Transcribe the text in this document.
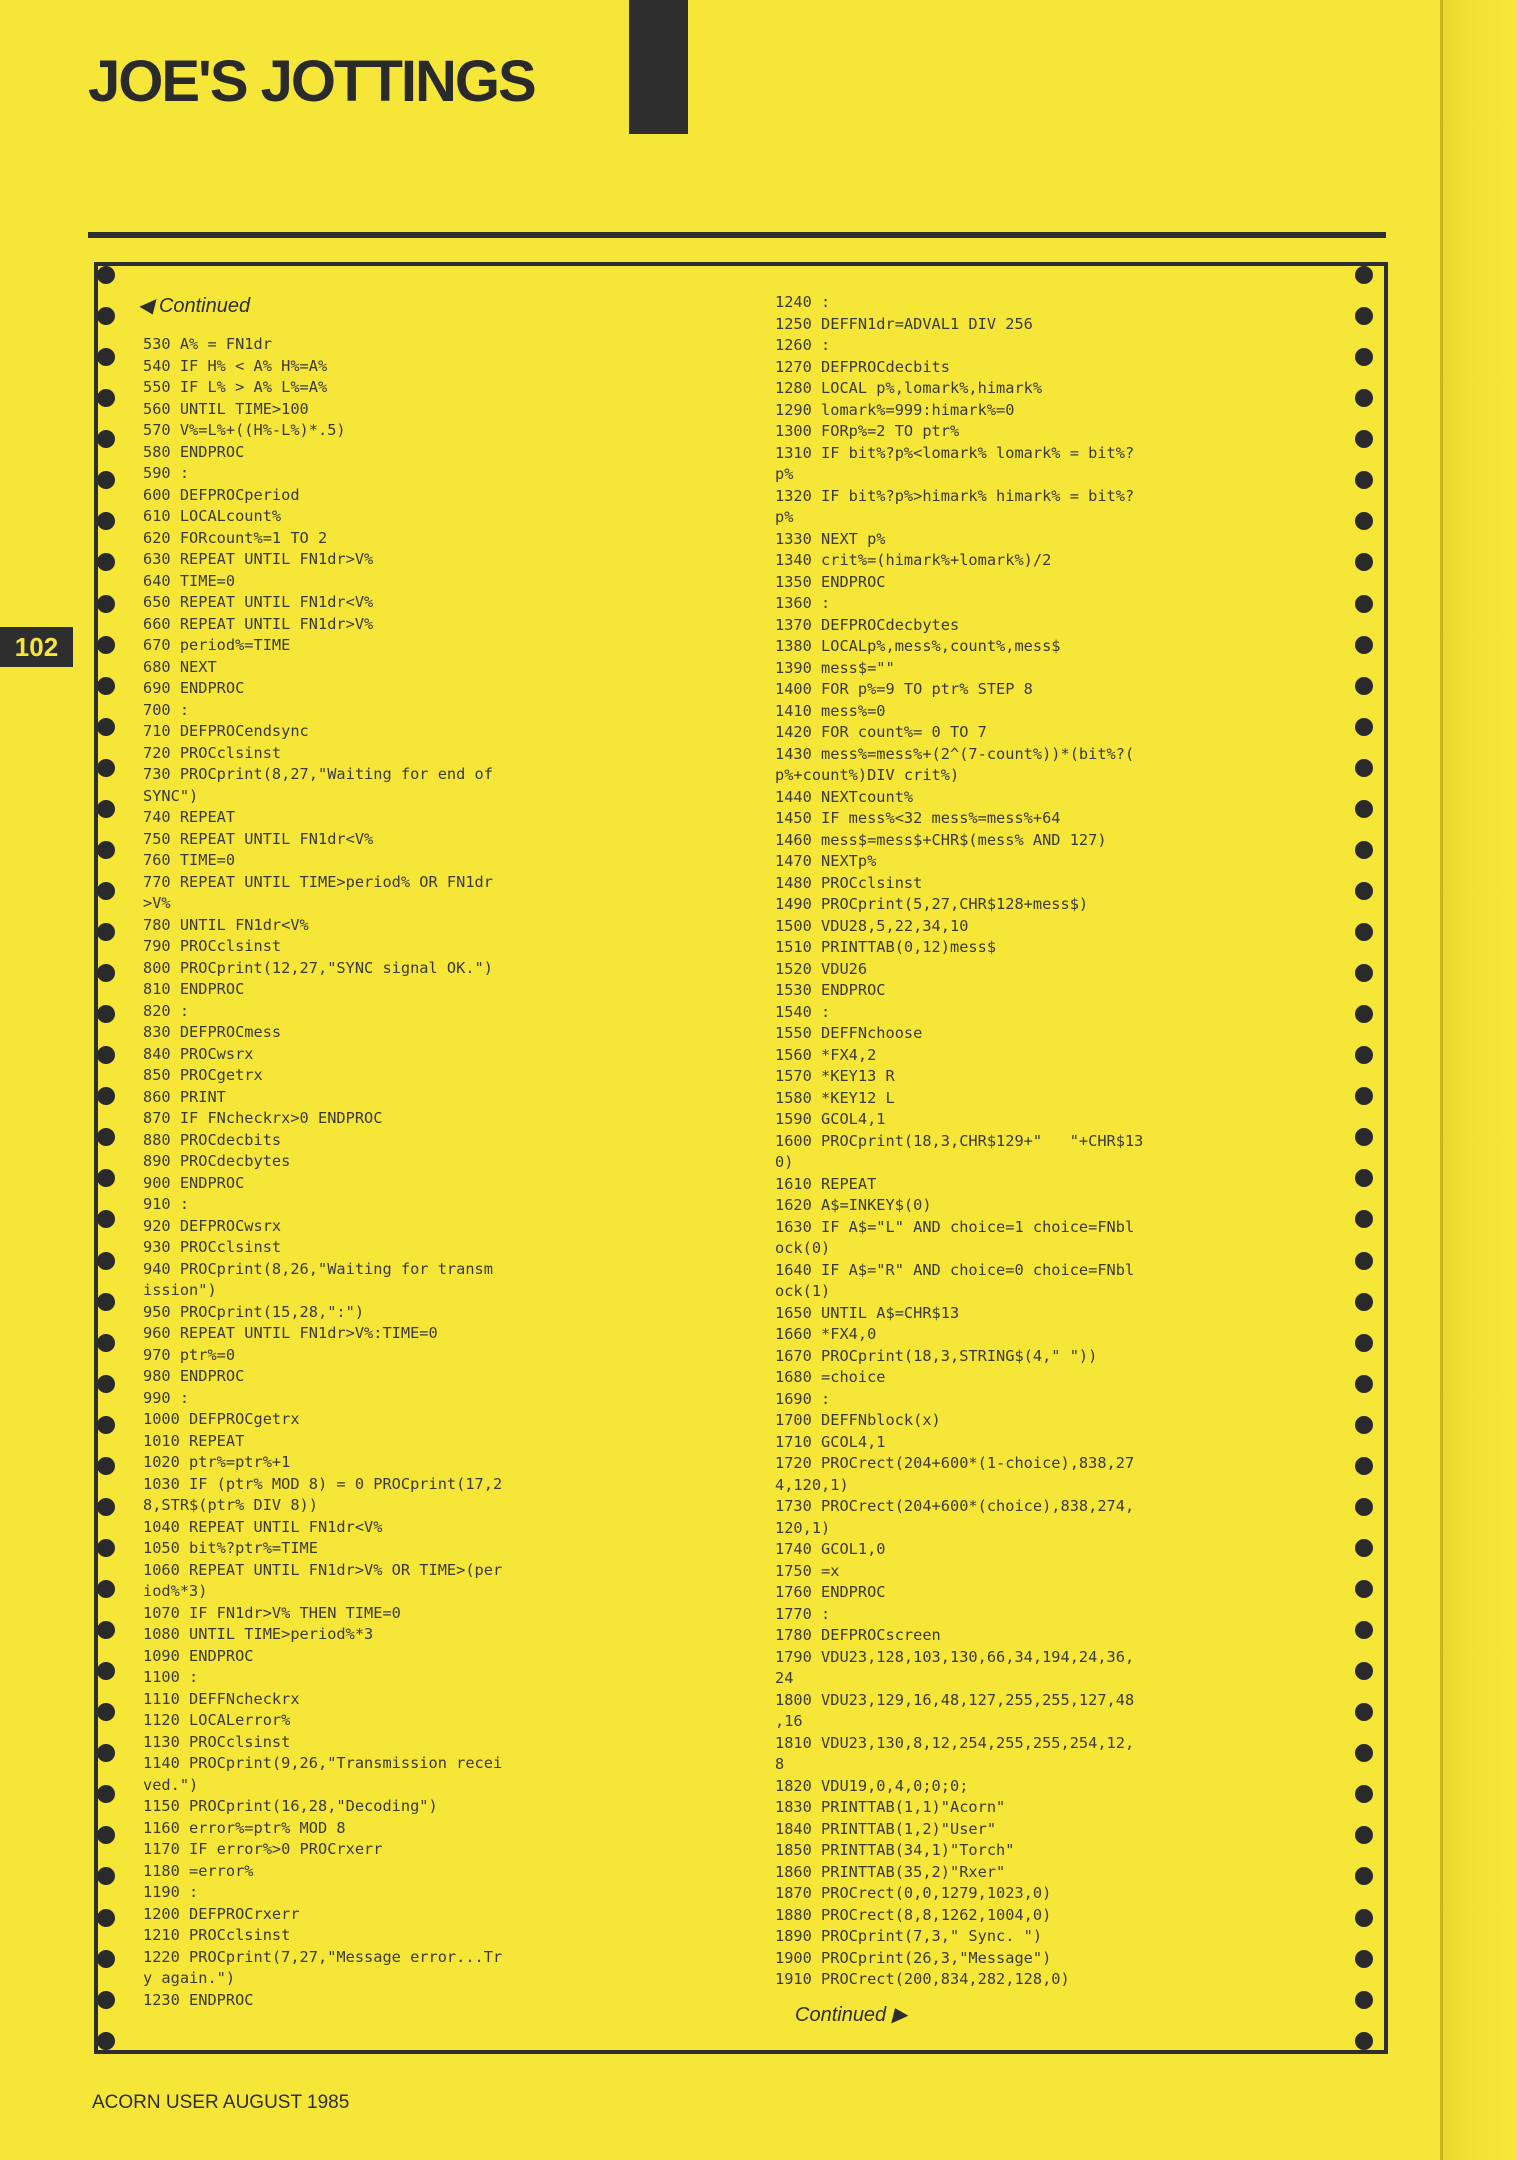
JOE'S JOTTINGS
102
◀ Continued
530 A% = FN1dr
540 IF H% < A% H%=A%
550 IF L% > A% L%=A%
560 UNTIL TIME>100
570 V%=L%+((H%-L%)*.5)
580 ENDPROC
590 :
600 DEFPROCperiod
610 LOCALcount%
620 FORcount%=1 TO 2
630 REPEAT UNTIL FN1dr>V%
640 TIME=0
650 REPEAT UNTIL FN1dr<V%
660 REPEAT UNTIL FN1dr>V%
670 period%=TIME
680 NEXT
690 ENDPROC
700 :
710 DEFPROCendsync
720 PROCclsinst
730 PROCprint(8,27,"Waiting for end of
SYNC")
740 REPEAT
750 REPEAT UNTIL FN1dr<V%
760 TIME=0
770 REPEAT UNTIL TIME>period% OR FN1dr
>V%
780 UNTIL FN1dr<V%
790 PROCclsinst
800 PROCprint(12,27,"SYNC signal OK.")
810 ENDPROC
820 :
830 DEFPROCmess
840 PROCwsrx
850 PROCgetrx
860 PRINT
870 IF FNcheckrx>0 ENDPROC
880 PROCdecbits
890 PROCdecbytes
900 ENDPROC
910 :
920 DEFPROCwsrx
930 PROCclsinst
940 PROCprint(8,26,"Waiting for transm
ission")
950 PROCprint(15,28,":")
960 REPEAT UNTIL FN1dr>V%:TIME=0
970 ptr%=0
980 ENDPROC
990 :
1000 DEFPROCgetrx
1010 REPEAT
1020 ptr%=ptr%+1
1030 IF (ptr% MOD 8) = 0 PROCprint(17,2
8,STR$(ptr% DIV 8))
1040 REPEAT UNTIL FN1dr<V%
1050 bit%?ptr%=TIME
1060 REPEAT UNTIL FN1dr>V% OR TIME>(per
iod%*3)
1070 IF FN1dr>V% THEN TIME=0
1080 UNTIL TIME>period%*3
1090 ENDPROC
1100 :
1110 DEFFNcheckrx
1120 LOCALerror%
1130 PROCclsinst
1140 PROCprint(9,26,"Transmission recei
ved.")
1150 PROCprint(16,28,"Decoding")
1160 error%=ptr% MOD 8
1170 IF error%>0 PROCrxerr
1180 =error%
1190 :
1200 DEFPROCrxerr
1210 PROCclsinst
1220 PROCprint(7,27,"Message error...Tr
y again.")
1230 ENDPROC
1240 :
1250 DEFFN1dr=ADVAL1 DIV 256
1260 :
1270 DEFPROCdecbits
1280 LOCAL p%,lomark%,himark%
1290 lomark%=999:himark%=0
1300 FORp%=2 TO ptr%
1310 IF bit%?p%<lomark% lomark% = bit%?
p%
1320 IF bit%?p%>himark% himark% = bit%?
p%
1330 NEXT p%
1340 crit%=(himark%+lomark%)/2
1350 ENDPROC
1360 :
1370 DEFPROCdecbytes
1380 LOCALp%,mess%,count%,mess$
1390 mess$=""
1400 FOR p%=9 TO ptr% STEP 8
1410 mess%=0
1420 FOR count%= 0 TO 7
1430 mess%=mess%+(2^(7-count%))*(bit%?(
p%+count%)DIV crit%)
1440 NEXTcount%
1450 IF mess%<32 mess%=mess%+64
1460 mess$=mess$+CHR$(mess% AND 127)
1470 NEXTp%
1480 PROCclsinst
1490 PROCprint(5,27,CHR$128+mess$)
1500 VDU28,5,22,34,10
1510 PRINTTAB(0,12)mess$
1520 VDU26
1530 ENDPROC
1540 :
1550 DEFFNchoose
1560 *FX4,2
1570 *KEY13 R
1580 *KEY12 L
1590 GCOL4,1
1600 PROCprint(18,3,CHR$129+"   "+CHR$13
0)
1610 REPEAT
1620 A$=INKEY$(0)
1630 IF A$="L" AND choice=1 choice=FNbl
ock(0)
1640 IF A$="R" AND choice=0 choice=FNbl
ock(1)
1650 UNTIL A$=CHR$13
1660 *FX4,0
1670 PROCprint(18,3,STRING$(4," "))
1680 =choice
1690 :
1700 DEFFNblock(x)
1710 GCOL4,1
1720 PROCrect(204+600*(1-choice),838,27
4,120,1)
1730 PROCrect(204+600*(choice),838,274,
120,1)
1740 GCOL1,0
1750 =x
1760 ENDPROC
1770 :
1780 DEFPROCscreen
1790 VDU23,128,103,130,66,34,194,24,36,
24
1800 VDU23,129,16,48,127,255,255,127,48
,16
1810 VDU23,130,8,12,254,255,255,254,12,
8
1820 VDU19,0,4,0;0;0;
1830 PRINTTAB(1,1)"Acorn"
1840 PRINTTAB(1,2)"User"
1850 PRINTTAB(34,1)"Torch"
1860 PRINTTAB(35,2)"Rxer"
1870 PROCrect(0,0,1279,1023,0)
1880 PROCrect(8,8,1262,1004,0)
1890 PROCprint(7,3," Sync. ")
1900 PROCprint(26,3,"Message")
1910 PROCrect(200,834,282,128,0)
Continued ▶
ACORN USER AUGUST 1985
